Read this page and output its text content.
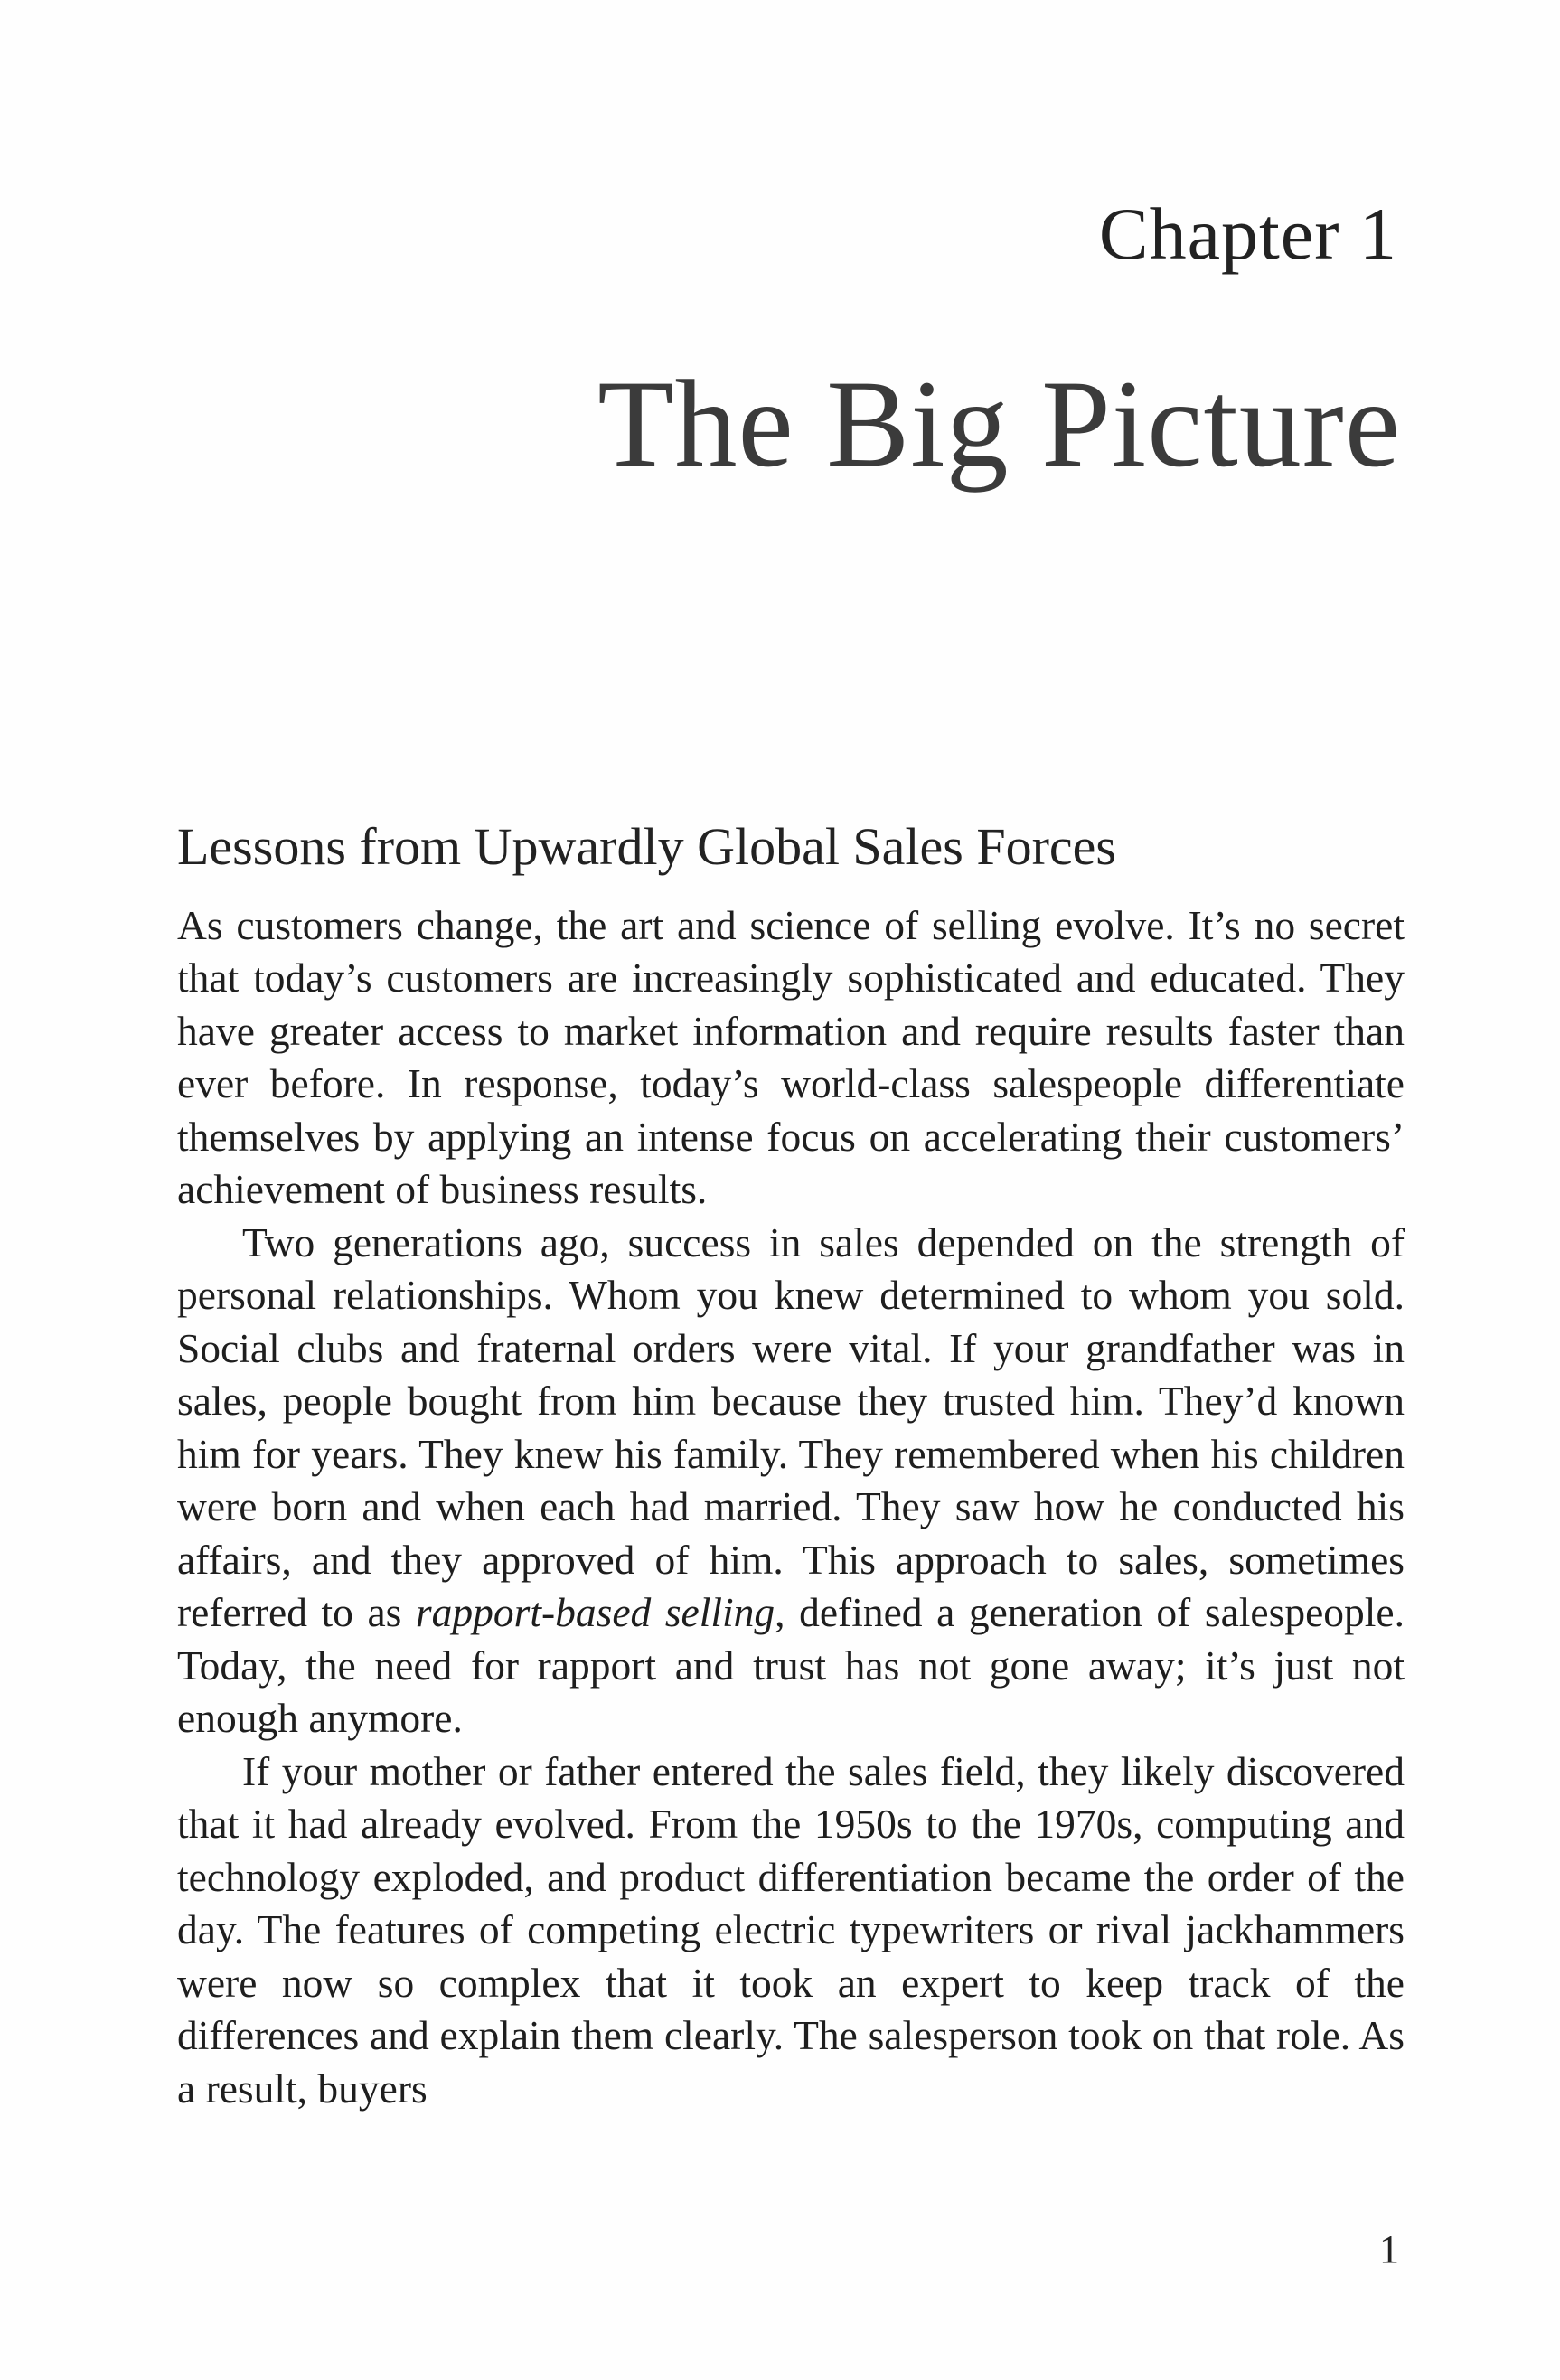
Chapter 1
The Big Picture
Lessons from Upwardly Global Sales Forces

As customers change, the art and science of selling evolve. It’s no secret that today’s customers are increasingly sophisticated and educated. They have greater access to market information and require results faster than ever before. In response, today’s world-class salespeople differentiate themselves by applying an intense focus on accelerating their customers’ achievement of business results.

Two generations ago, success in sales depended on the strength of personal relationships. Whom you knew determined to whom you sold. Social clubs and fraternal orders were vital. If your grandfather was in sales, people bought from him because they trusted him. They’d known him for years. They knew his family. They remembered when his children were born and when each had married. They saw how he conducted his affairs, and they approved of him. This approach to sales, sometimes referred to as rapport-based selling, defined a generation of salespeople. Today, the need for rapport and trust has not gone away; it’s just not enough anymore.

If your mother or father entered the sales field, they likely discovered that it had already evolved. From the 1950s to the 1970s, computing and technology exploded, and product differentiation became the order of the day. The features of competing electric typewriters or rival jackhammers were now so complex that it took an expert to keep track of the differences and explain them clearly. The salesperson took on that role. As a result, buyers

1
